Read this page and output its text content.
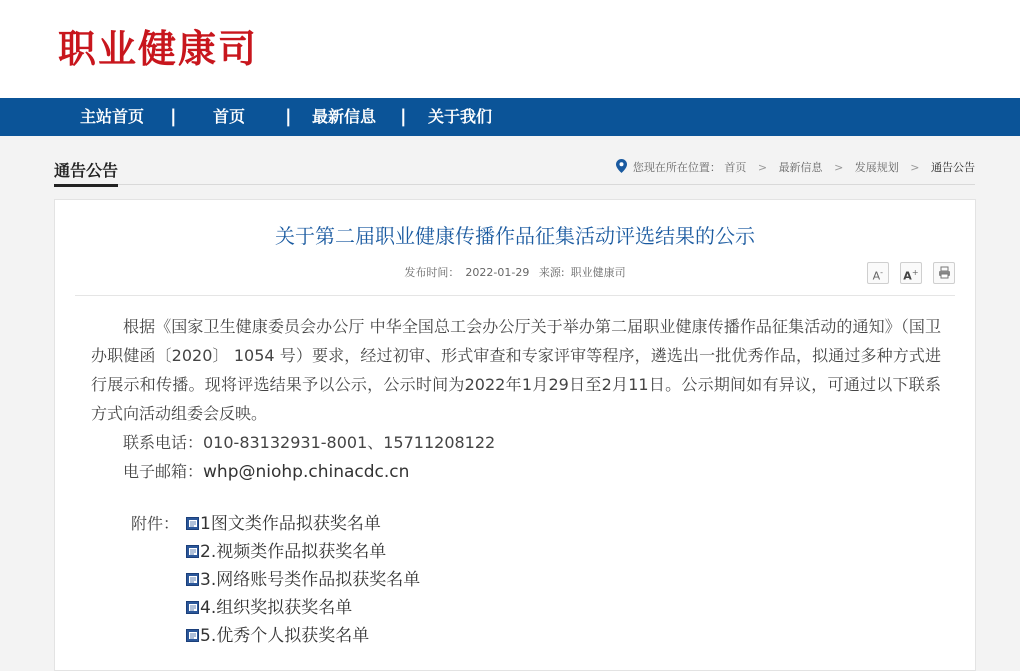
职业健康司
主站首页 | 首页 | 最新信息 | 关于我们
通告公告	您现在所在位置： 首页 > 最新信息 > 发展规划 > 通告公告
关于第二届职业健康传播作品征集活动评选结果的公示
发布时间： 2022-01-29 来源: 职业健康司	A- A+

根据《国家卫生健康委员会办公厅 中华全国总工会办公厅关于举办第二届职业健康传播作品征集活动的通知》（国卫办职健函〔2020〕 1054 号）要求，经过初审、形式审查和专家评审等程序，遴选出一批优秀作品，拟通过多种方式进行展示和传播。现将评选结果予以公示，公示时间为2022年1月29日至2月11日。公示期间如有异议，可通过以下联系方式向活动组委会反映。

联系电话：010-83132931-8001、15711208122

电子邮箱：whp@niohp.chinacdc.cn

附件： 1图文类作品拟获奖名单
2.视频类作品拟获奖名单
3.网络账号类作品拟获奖名单
4.组织奖拟获奖名单
5.优秀个人拟获奖名单
